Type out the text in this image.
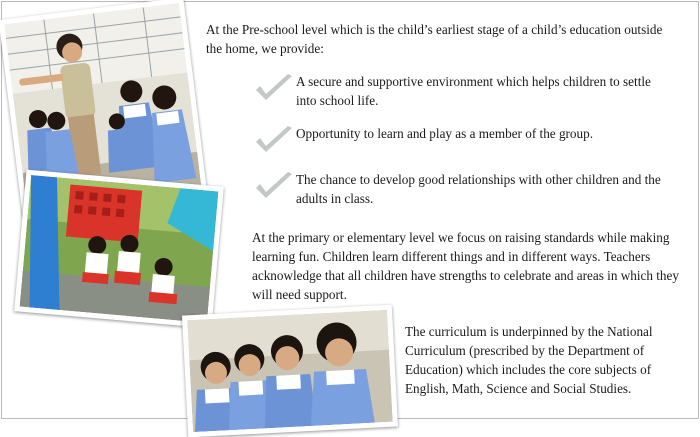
At the Pre-school level which is the child’s earliest stage of a child’s education outside the home, we provide:

A secure and supportive environment which helps children to settle into school life.

Opportunity to learn and play as a member of the group.

The chance to develop good relationships with other children and the adults in class.

At the primary or elementary level we focus on raising standards while making learning fun. Children learn different things and in different ways. Teachers acknowledge that all children have strengths to celebrate and areas in which they will need support.

The curriculum is underpinned by the National Curriculum (prescribed by the Department of Education) which includes the core subjects of English, Math, Science and Social Studies.
